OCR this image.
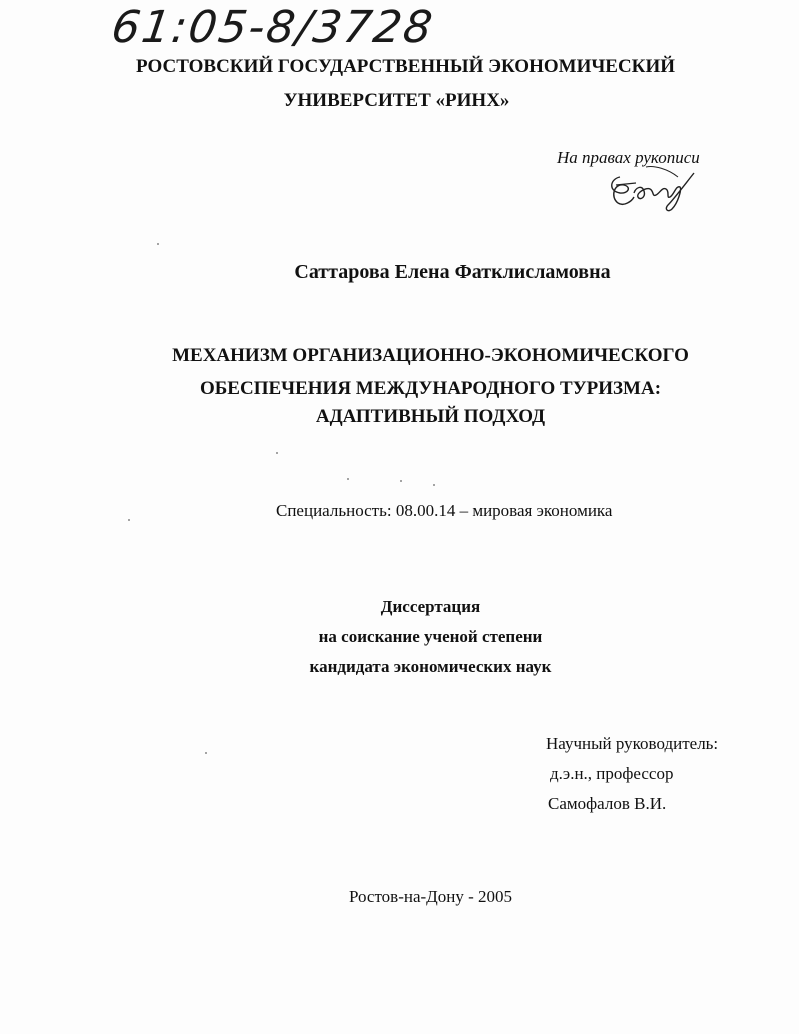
61:05-8/3728
РОСТОВСКИЙ ГОСУДАРСТВЕННЫЙ ЭКОНОМИЧЕСКИЙ
УНИВЕРСИТЕТ «РИНХ»
На правах рукописи
Саттарова Елена Фатклисламовна
МЕХАНИЗМ ОРГАНИЗАЦИОННО-ЭКОНОМИЧЕСКОГО
ОБЕСПЕЧЕНИЯ МЕЖДУНАРОДНОГО ТУРИЗМА:
АДАПТИВНЫЙ ПОДХОД
Специальность: 08.00.14 – мировая экономика
Диссертация
на соискание ученой степени
кандидата экономических наук
Научный руководитель:
д.э.н., профессор
Самофалов В.И.
Ростов-на-Дону - 2005
